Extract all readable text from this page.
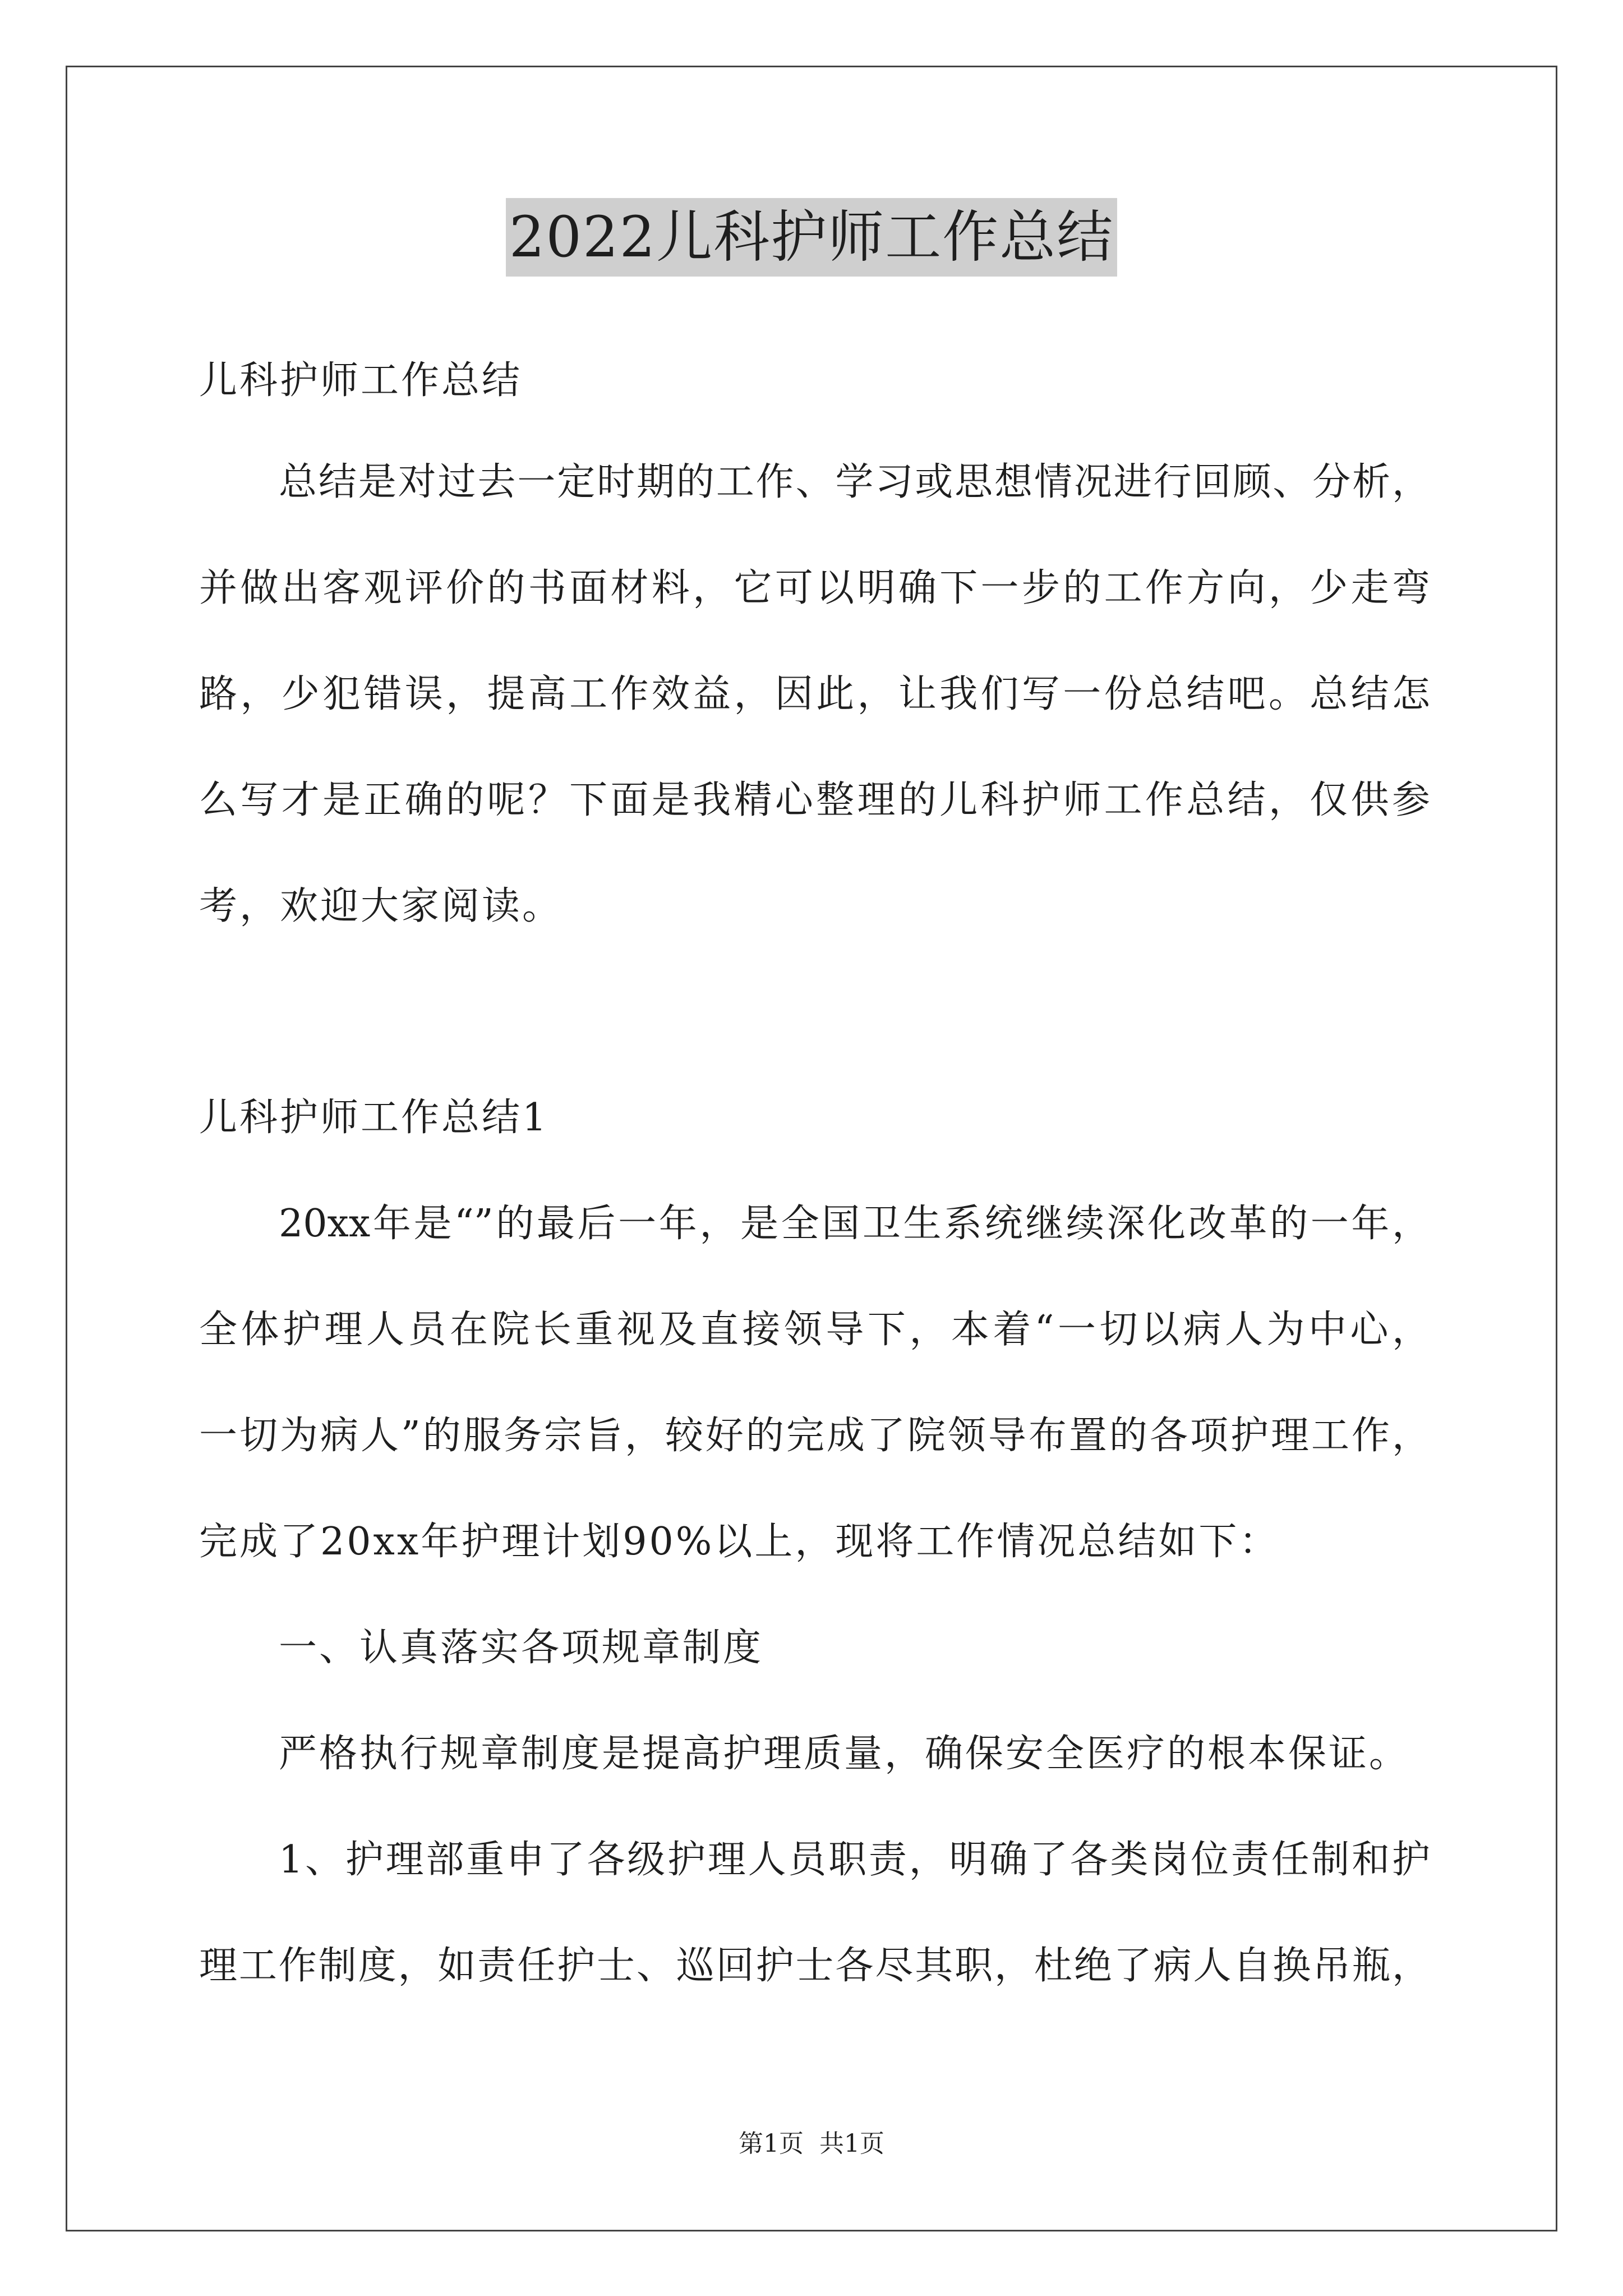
2022儿科护师工作总结
儿科护师工作总结
总结是对过去一定时期的工作、学习或思想情况进行回顾、分析，
并做出客观评价的书面材料，它可以明确下一步的工作方向，少走弯
路，少犯错误，提高工作效益，因此，让我们写一份总结吧。总结怎
么写才是正确的呢？下面是我精心整理的儿科护师工作总结，仅供参
考，欢迎大家阅读。
儿科护师工作总结1
20xx年是“”的最后一年，是全国卫生系统继续深化改革的一年，
全体护理人员在院长重视及直接领导下，本着“一切以病人为中心，
一切为病人”的服务宗旨，较好的完成了院领导布置的各项护理工作，
完成了20xx年护理计划90%以上，现将工作情况总结如下：
一、认真落实各项规章制度
严格执行规章制度是提高护理质量，确保安全医疗的根本保证。
1、护理部重申了各级护理人员职责，明确了各类岗位责任制和护
理工作制度，如责任护士、巡回护士各尽其职，杜绝了病人自换吊瓶，
第1页 共1页
